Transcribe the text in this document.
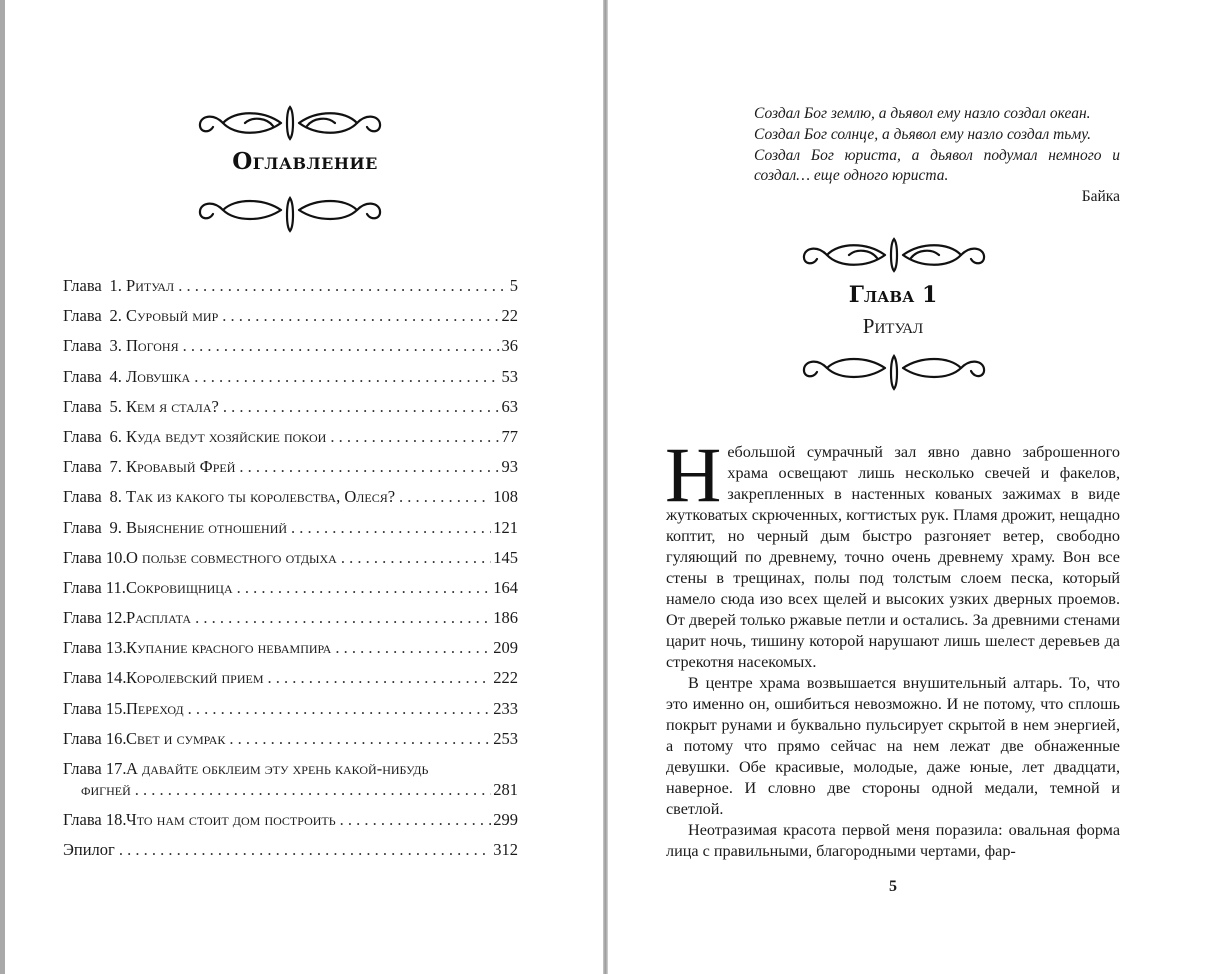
Оглавление
Глава 1. Ритуал . . .	5
Глава 2. Суровый мир . . .	22
Глава 3. Погоня . . .	36
Глава 4. Ловушка . . .	53
Глава 5. Кем я стала? . . .	63
Глава 6. Куда ведут хозяйские покои . . .	77
Глава 7. Кровавый Фрей . . .	93
Глава 8. Так из какого ты королевства, Олеся? . . .	108
Глава 9. Выяснение отношений . . .	121
Глава 10. О пользе совместного отдыха . . .	145
Глава 11. Сокровищница . . .	164
Глава 12. Расплата . . .	186
Глава 13. Купание красного невампира . . .	209
Глава 14. Королевский прием . . .	222
Глава 15. Переход . . .	233
Глава 16. Свет и сумрак . . .	253
Глава 17. А давайте обклеим эту хрень какой-нибудь
фигней . . .	281
Глава 18. Что нам стоит дом построить . . .	299
Эпилог . . .	312

Создал Бог землю, а дьявол ему назло создал океан.

Создал Бог солнце, а дьявол ему назло создал тьму.

Создал Бог юриста, а дьявол подумал немного и создал… еще одного юриста.

Байка
Глава 1
Ритуал

Небольшой сумрачный зал явно давно заброшенного храма освещают лишь несколько свечей и факелов, закрепленных в настенных кованых зажимах в виде жутковатых скрюченных, когтистых рук. Пламя дрожит, нещадно коптит, но черный дым быстро разгоняет ветер, свободно гуляющий по древнему, точно очень древнему храму. Вон все стены в трещинах, полы под толстым слоем песка, который намело сюда изо всех щелей и высоких узких дверных проемов. От дверей только ржавые петли и остались. За древними стенами царит ночь, тишину которой нарушают лишь шелест деревьев да стрекотня насекомых.

В центре храма возвышается внушительный алтарь. То, что это именно он, ошибиться невозможно. И не потому, что сплошь покрыт рунами и буквально пульсирует скрытой в нем энергией, а потому что прямо сейчас на нем лежат две обнаженные девушки. Обе красивые, молодые, даже юные, лет двадцати, наверное. И словно две стороны одной медали, темной и светлой.

Неотразимая красота первой меня поразила: овальная форма лица с правильными, благородными чертами, фар-

5
